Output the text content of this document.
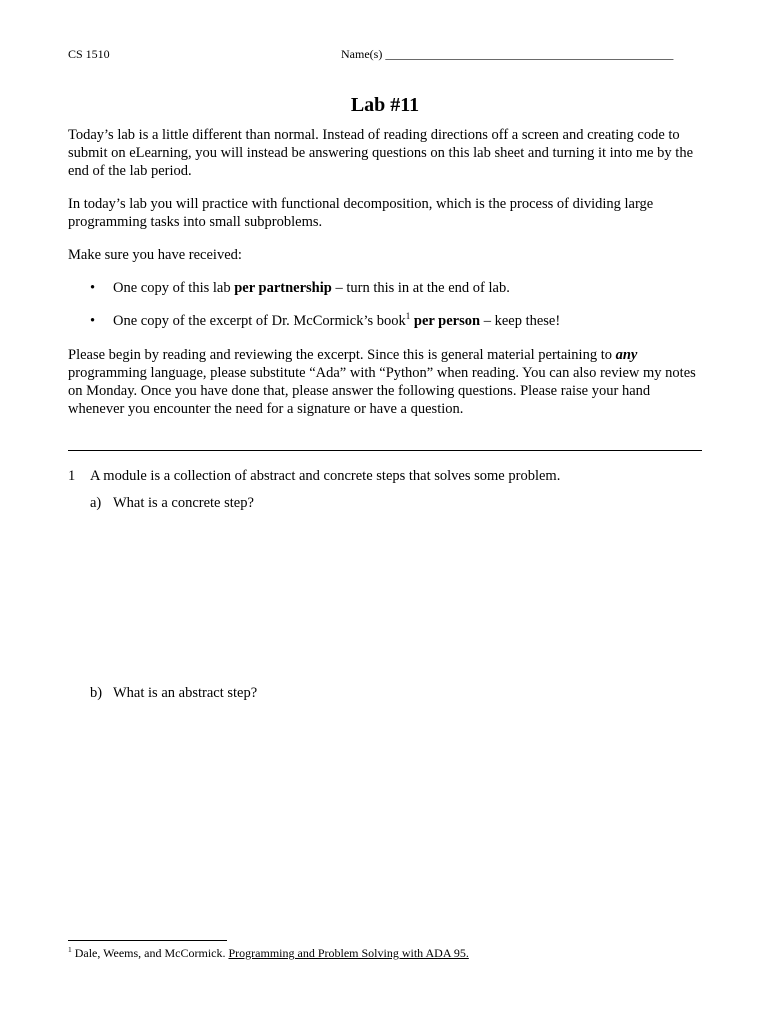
CS 1510	Name(s) ________________________________________________
Lab #11
Today’s lab is a little different than normal. Instead of reading directions off a screen and creating code to submit on eLearning, you will instead be answering questions on this lab sheet and turning it into me by the end of the lab period.
In today’s lab you will practice with functional decomposition, which is the process of dividing large programming tasks into small subproblems.
Make sure you have received:
• One copy of this lab per partnership – turn this in at the end of lab.
• One copy of the excerpt of Dr. McCormick’s book$^1$ per person – keep these!
Please begin by reading and reviewing the excerpt. Since this is general material pertaining to any programming language, please substitute “Ada” with “Python” when reading. You can also review my notes on Monday. Once you have done that, please answer the following questions. Please raise your hand whenever you encounter the need for a signature or have a question.
1 A module is a collection of abstract and concrete steps that solves some problem.
a) What is a concrete step?
b) What is an abstract step?
$^1$ Dale, Weems, and McCormick. Programming and Problem Solving with ADA 95.
